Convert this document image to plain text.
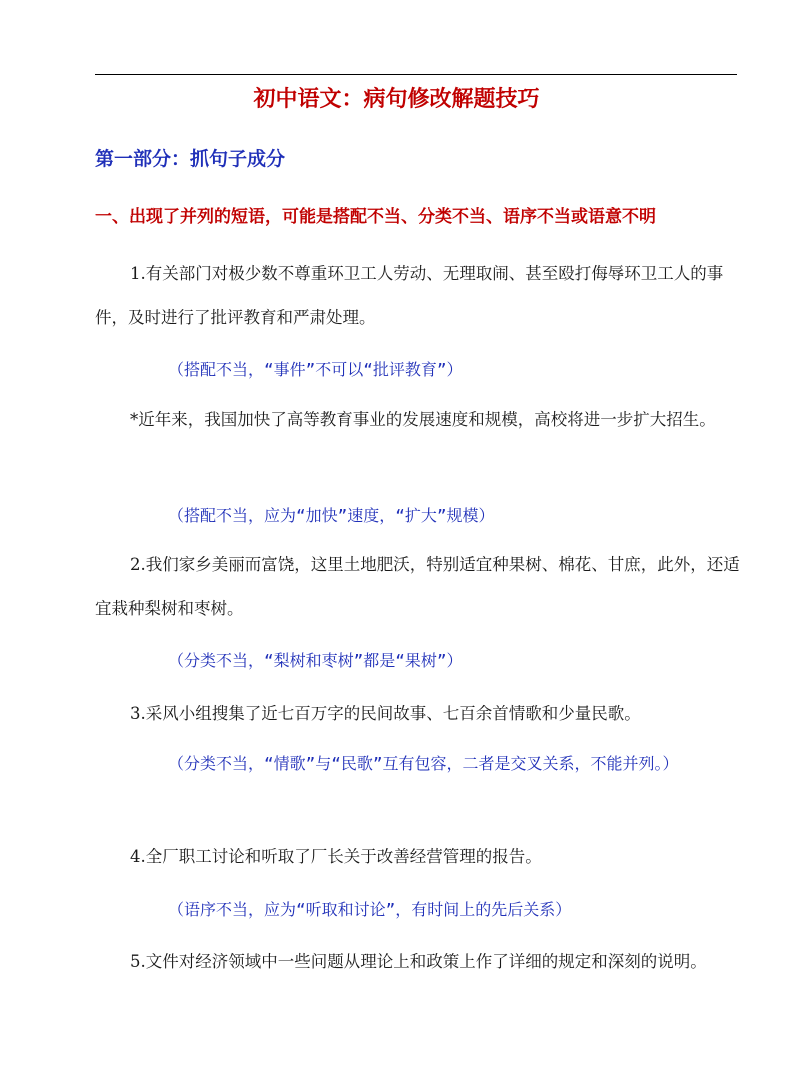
初中语文：病句修改解题技巧
第一部分：抓句子成分
一、出现了并列的短语，可能是搭配不当、分类不当、语序不当或语意不明

1.有关部门对极少数不尊重环卫工人劳动、无理取闹、甚至殴打侮辱环卫工人的事件，及时进行了批评教育和严肃处理。

（搭配不当，“事件”不可以“批评教育”）

*近年来，我国加快了高等教育事业的发展速度和规模，高校将进一步扩大招生。

（搭配不当，应为“加快”速度，“扩大”规模）

2.我们家乡美丽而富饶，这里土地肥沃，特别适宜种果树、棉花、甘庶，此外，还适宜栽种梨树和枣树。

（分类不当，“梨树和枣树”都是“果树”）

3.采风小组搜集了近七百万字的民间故事、七百余首情歌和少量民歌。

（分类不当，“情歌”与“民歌”互有包容，二者是交叉关系，不能并列。）

4.全厂职工讨论和听取了厂长关于改善经营管理的报告。

（语序不当，应为“听取和讨论”，有时间上的先后关系）

5.文件对经济领域中一些问题从理论上和政策上作了详细的规定和深刻的说明。
